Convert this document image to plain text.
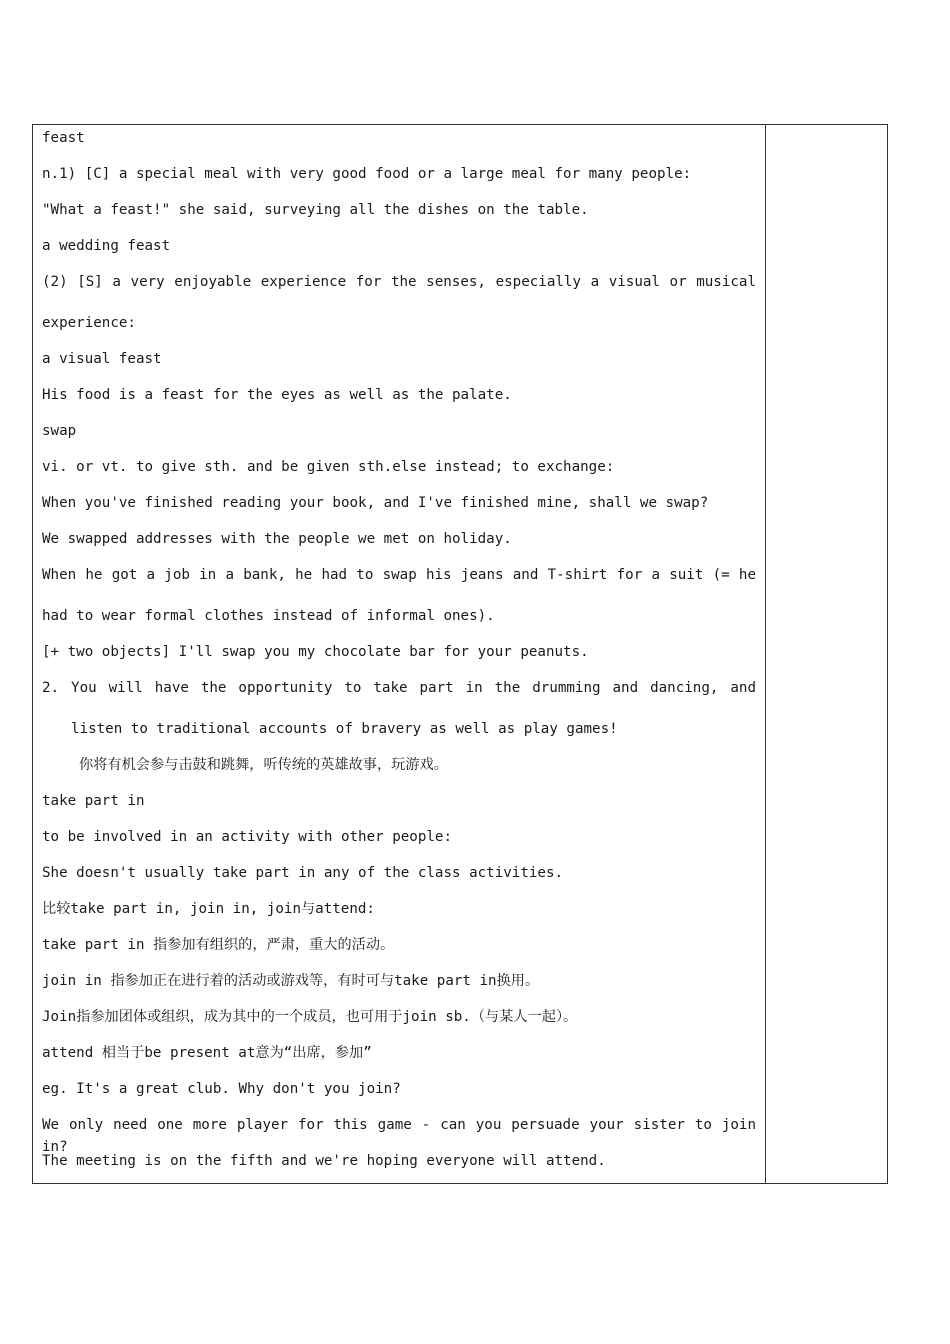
feast
n.1) [C] a special meal with very good food or a large meal for many people:
"What a feast!" she said, surveying all the dishes on the table.
a wedding feast
(2) [S] a very enjoyable experience for the senses, especially a visual or musical
experience:
a visual feast
His food is a feast for the eyes as well as the palate.
swap
vi. or vt. to give sth. and be given sth.else instead; to exchange:
When you've finished reading your book, and I've finished mine, shall we swap?
We swapped addresses with the people we met on holiday.
When he got a job in a bank, he had to swap his jeans and T-shirt for a suit (= he
had to wear formal clothes instead of informal ones).
[+ two objects] I'll swap you my chocolate bar for your peanuts.
2. You will have the opportunity to take part in the drumming and dancing, and
listen to traditional accounts of bravery as well as play games!
你将有机会参与击鼓和跳舞，听传统的英雄故事，玩游戏。
take part in
to be involved in an activity with other people:
She doesn't usually take part in any of the class activities.
比较take part in, join in, join与attend:
take part in 指参加有组织的，严肃，重大的活动。
join in 指参加正在进行着的活动或游戏等，有时可与take part in换用。
Join指参加团体或组织，成为其中的一个成员，也可用于join sb.（与某人一起）。
attend 相当于be present at意为“出席，参加”
eg. It's a great club. Why don't you join?
We only need one more player for this game - can you persuade your sister to join in?
The meeting is on the fifth and we're hoping everyone will attend.
